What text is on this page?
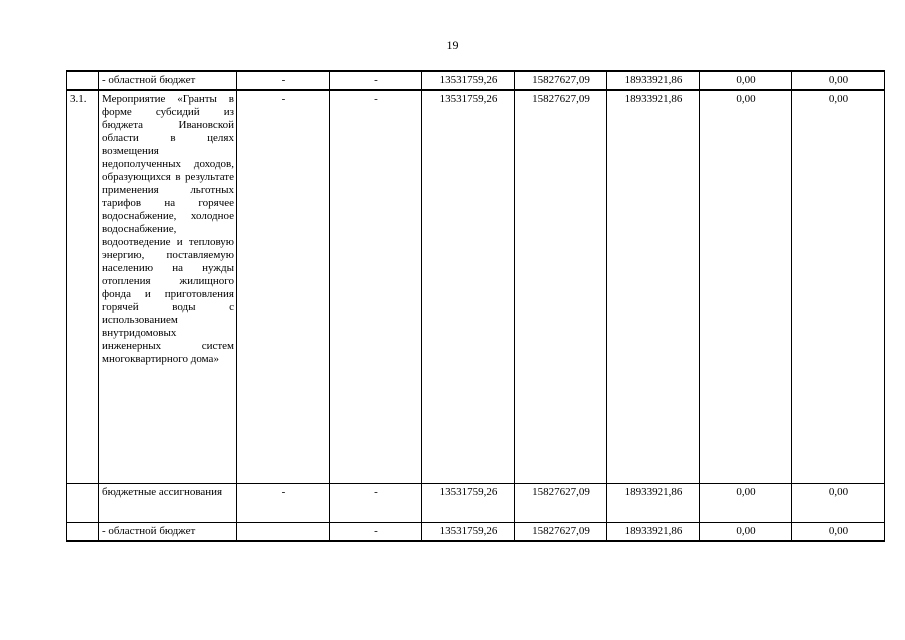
19
	- областной бюджет	-	-	13531759,26	15827627,09	18933921,86	0,00	0,00
3.1.	Мероприятие «Гранты в форме субсидий из бюджета Ивановской области в целях возмещения недополученных доходов, образующихся в результате применения льготных тарифов на горячее водоснабжение, холодное водоснабжение, водоотведение и тепловую энергию, поставляемую населению на нужды отопления жилищного фонда и приготовления горячей воды с использованием внутридомовых инженерных систем многоквартирного дома»	-	-	13531759,26	15827627,09	18933921,86	0,00	0,00
	бюджетные ассигнования	-	-	13531759,26	15827627,09	18933921,86	0,00	0,00
	- областной бюджет		-	13531759,26	15827627,09	18933921,86	0,00	0,00
